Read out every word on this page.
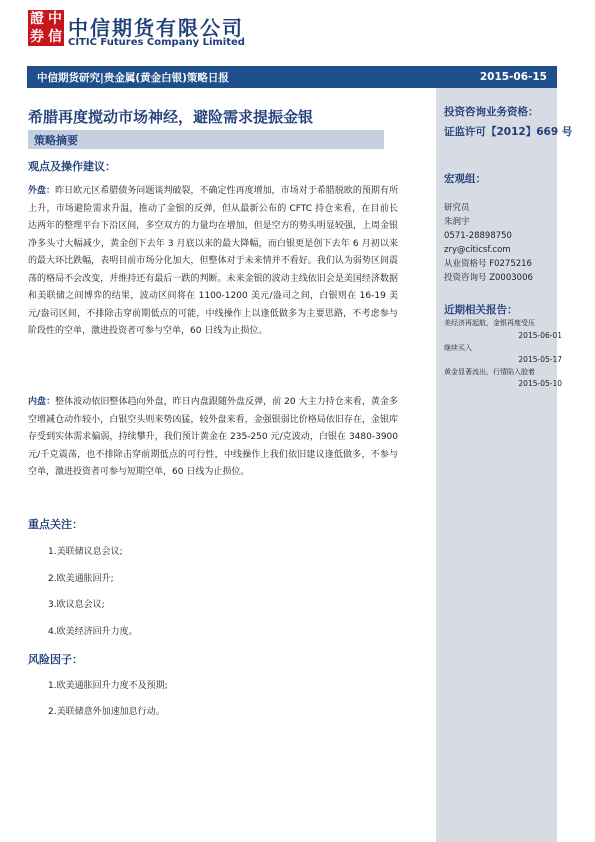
證 中
券 信 中信期货有限公司
CITIC Futures Company Limited
中信期货研究|贵金属(黄金白银)策略日报	2015-06-15
投资咨询业务资格：
证监许可【2012】669 号
宏观组：
研究员
朱润宇
0571-28898750
zry@citicsf.com
从业资格号 F0275216
投资咨询号 Z0003006
近期相关报告：
美经济再起航，金银再度受压
2015-06-01
继续买入
2015-05-17
黄金显著流出，行情陷入胶着
2015-05-10
希腊再度搅动市场神经，避险需求提振金银
策略摘要
观点及操作建议：

外盘：昨日欧元区希腊债务问题谈判破裂，不确定性再度增加，市场对于希腊脱欧的预期有所上升，市场避险需求升温，推动了金银的反弹，但从最新公布的 CFTC 持仓来看，在目前长达两年的整理平台下沿区间，多空双方的力量均在增加，但是空方的势头明显较强，上周金银净多头寸大幅减少，黄金创下去年 3 月底以来的最大降幅，而白银更是创下去年 6 月初以来的最大环比跌幅，表明目前市场分化加大，但整体对于未来情并不看好。我们认为弱势区间震荡的格局不会改变，并维持还有最后一跌的判断。未来金银的波动主线依旧会是美国经济数据和美联储之间博弈的结果，波动区间将在 1100-1200 美元/盎司之间，白银则在 16-19 美元/盎司区间，不排除击穿前期低点的可能，中线操作上以逢低做多为主要思路，不考虑参与阶段性的空单，激进投资者可参与空单，60 日线为止损位。

内盘：整体波动依旧整体趋向外盘，昨日内盘跟随外盘反弹，前 20 大主力持仓来看，黄金多空增减仓动作较小，白银空头则来势凶猛，较外盘来看，金强银弱比价格局依旧存在，金银库存受到实体需求偏弱，持续攀升，我们预计黄金在 235-250 元/克波动，白银在 3480-3900 元/千克震荡，也不排除击穿前期低点的可行性，中线操作上我们依旧建议逢低做多，不参与空单，激进投资者可参与短期空单，60 日线为止损位。

重点关注：
1.美联储议息会议;
2.欧美通胀回升;
3.欧议息会议;
4.欧美经济回升力度。
风险因子：
1.欧美通胀回升力度不及预期;
2.美联储意外加速加息行动。
